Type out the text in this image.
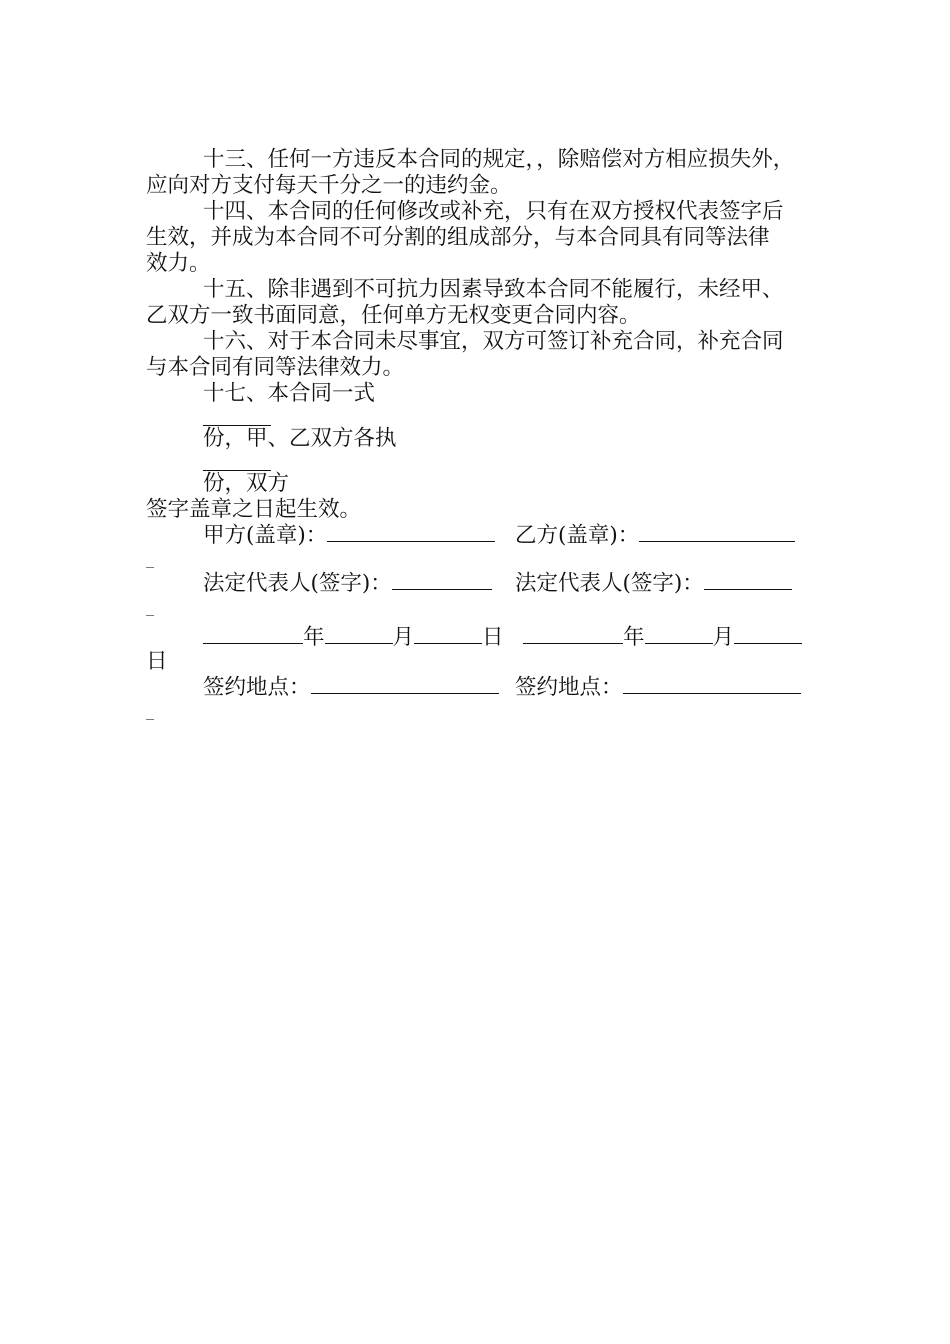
十三、任何一方违反本合同的规定，，除赔偿对方相应损失外，
应向对方支付每天千分之一的违约金。

十四、本合同的任何修改或补充，只有在双方授权代表签字后
生效，并成为本合同不可分割的组成部分，与本合同具有同等法律
效力。

十五、除非遇到不可抗力因素导致本合同不能履行，未经甲、
乙双方一致书面同意，任何单方无权变更合同内容。

十六、对于本合同未尽事宜，双方可签订补充合同，补充合同
与本合同有同等法律效力。

十七、本合同一式
份，甲、乙双方各执
份，双方
签字盖章之日起生效。

甲方(盖章)：	乙方(盖章)：
_
法定代表人(签字)：	法定代表人(签字)：
_
年	月	日	年	月
日
签约地点：	签约地点：
_
